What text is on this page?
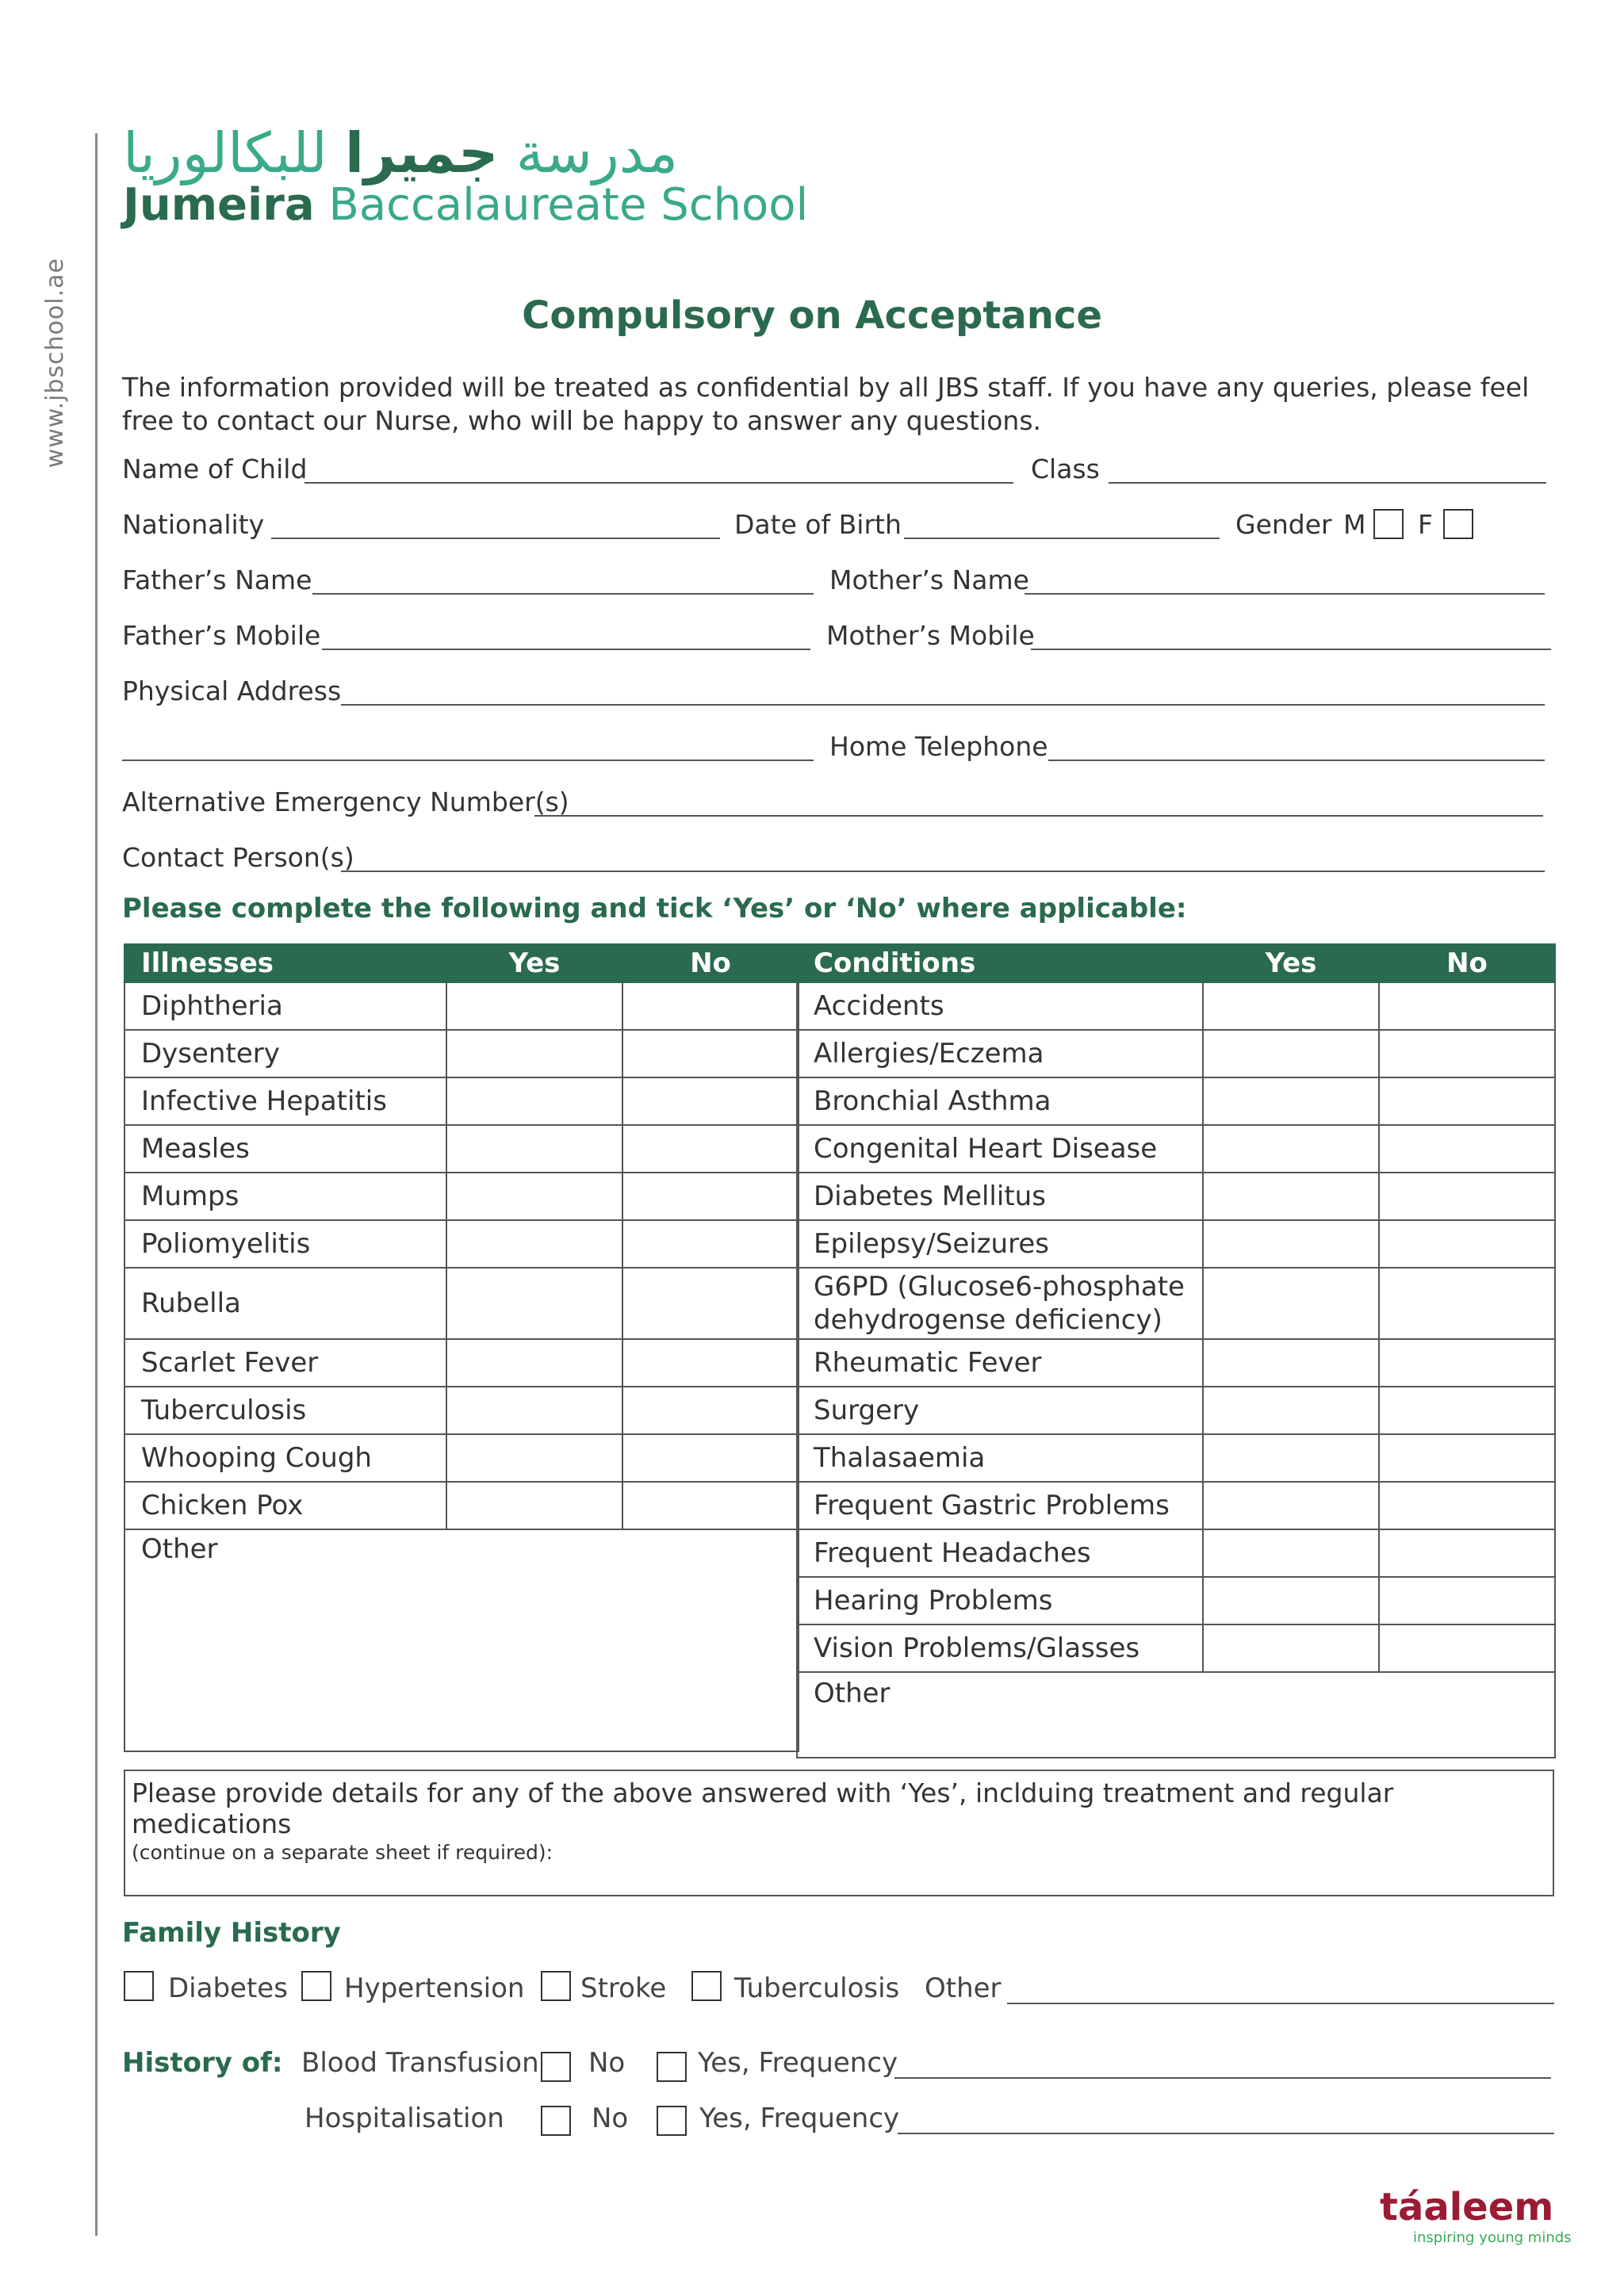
www.jbschool.ae
مدرسة جميرا للبكالوريا
Jumeira Baccalaureate School
Compulsory on Acceptance
The information provided will be treated as confidential by all JBS staff. If you have any queries, please feel free to contact our Nurse, who will be happy to answer any questions.
Name of Child	Class
Nationality	Date of Birth	Gender M F
Father’s Name	Mother’s Name
Father’s Mobile	Mother’s Mobile
Physical Address
Home Telephone
Alternative Emergency Number(s)
Contact Person(s)
Please complete the following and tick ‘Yes’ or ‘No’ where applicable:
Illnesses	Yes	No
Diphtheria		
Dysentery		
Infective Hepatitis		
Measles		
Mumps		
Poliomyelitis		
Rubella		
Scarlet Fever		
Tuberculosis		
Whooping Cough		
Chicken Pox		
Other		
Conditions	Yes	No
Accidents		
Allergies/Eczema		
Bronchial Asthma		
Congenital Heart Disease		
Diabetes Mellitus		
Epilepsy/Seizures		
G6PD (Glucose6-phosphate dehydrogense deficiency)		
Rheumatic Fever		
Surgery		
Thalasaemia		
Frequent Gastric Problems		
Frequent Headaches		
Hearing Problems		
Vision Problems/Glasses		
Other		
Please provide details for any of the above answered with ‘Yes’, inclduing treatment and regular medications
(continue on a separate sheet if required):
Family History
Diabetes Hypertension Stroke	Tuberculosis Other
History of: Blood Transfusion No	Yes, Frequency
Hospitalisation	No	Yes, Frequency
táaleem
inspiring young minds
